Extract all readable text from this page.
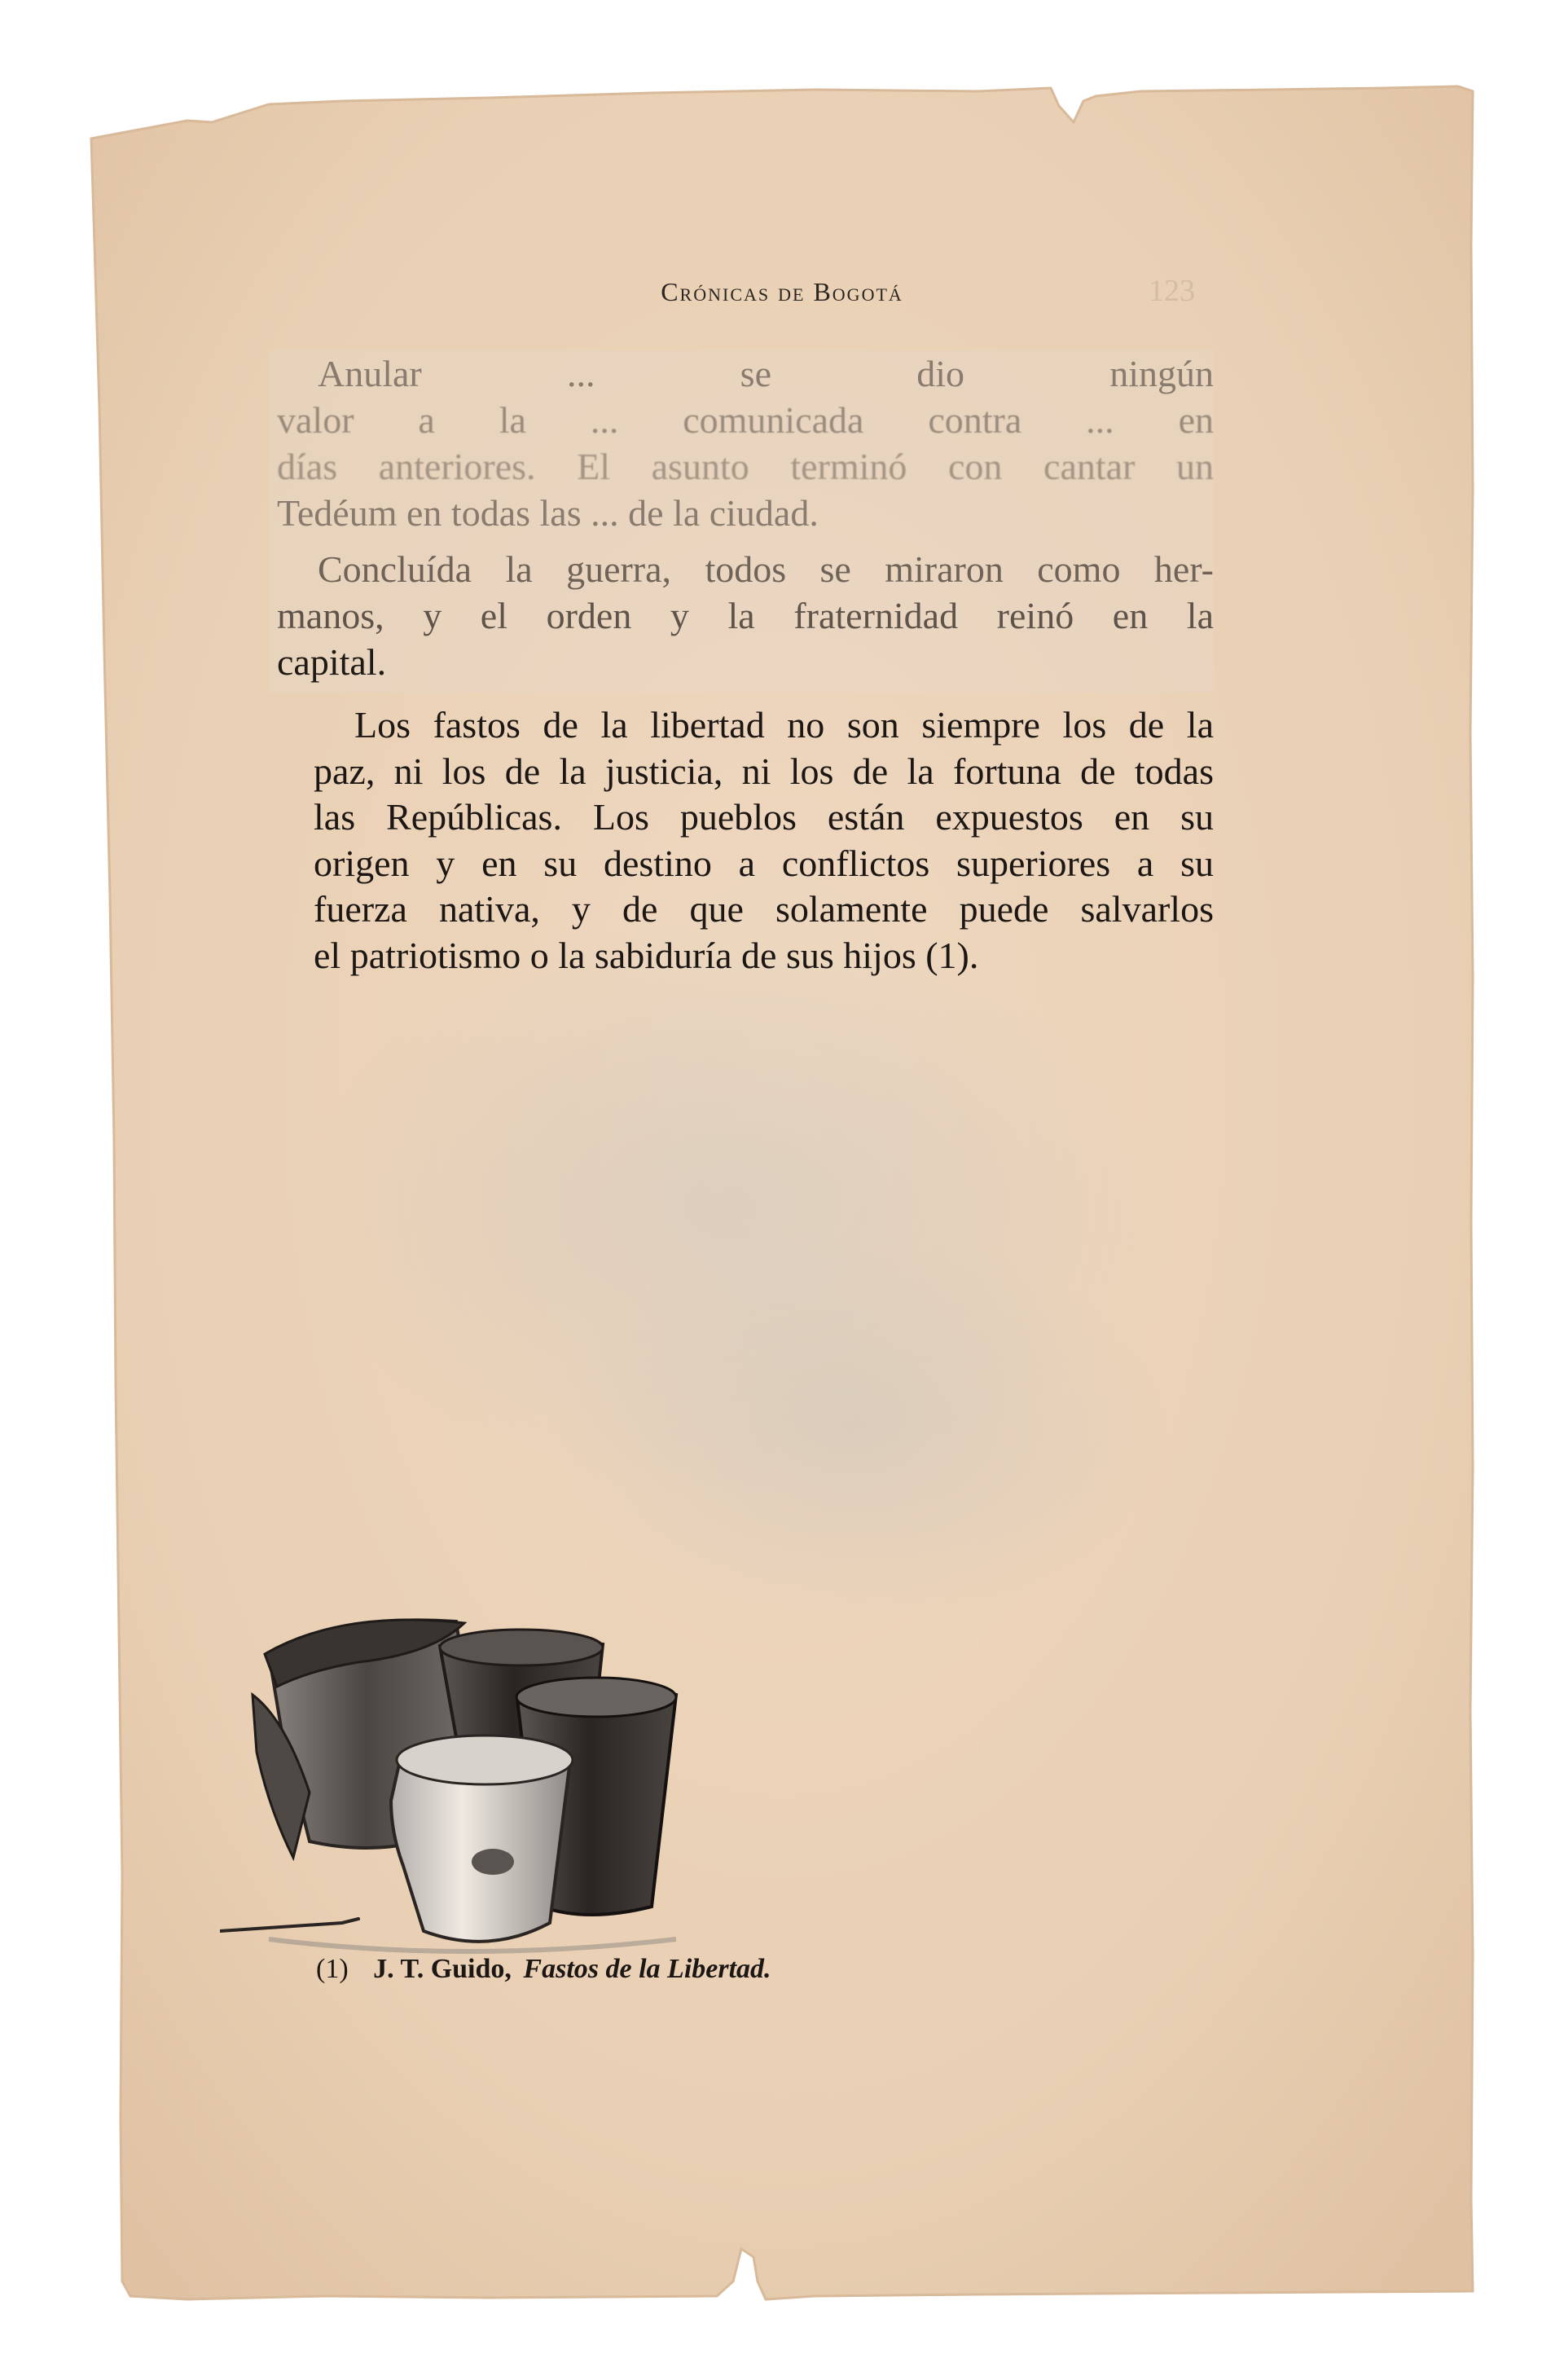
Crónicas de Bogotá	123
Anular ... se dio ningún
valor a la ... comunicada contra ... en
días anteriores. El asunto terminó con cantar un
Tedéum en todas las ... de la ciudad.
Concluída la guerra, todos se miraron como her-
manos, y el orden y la fraternidad reinó en la
capital.
Los fastos de la libertad no son siempre los de la
paz, ni los de la justicia, ni los de la fortuna de todas
las Repúblicas. Los pueblos están expuestos en su
origen y en su destino a conflictos superiores a su
fuerza nativa, y de que solamente puede salvarlos
el patriotismo o la sabiduría de sus hijos (1).
(1) J. T. Guido, Fastos de la Libertad.
